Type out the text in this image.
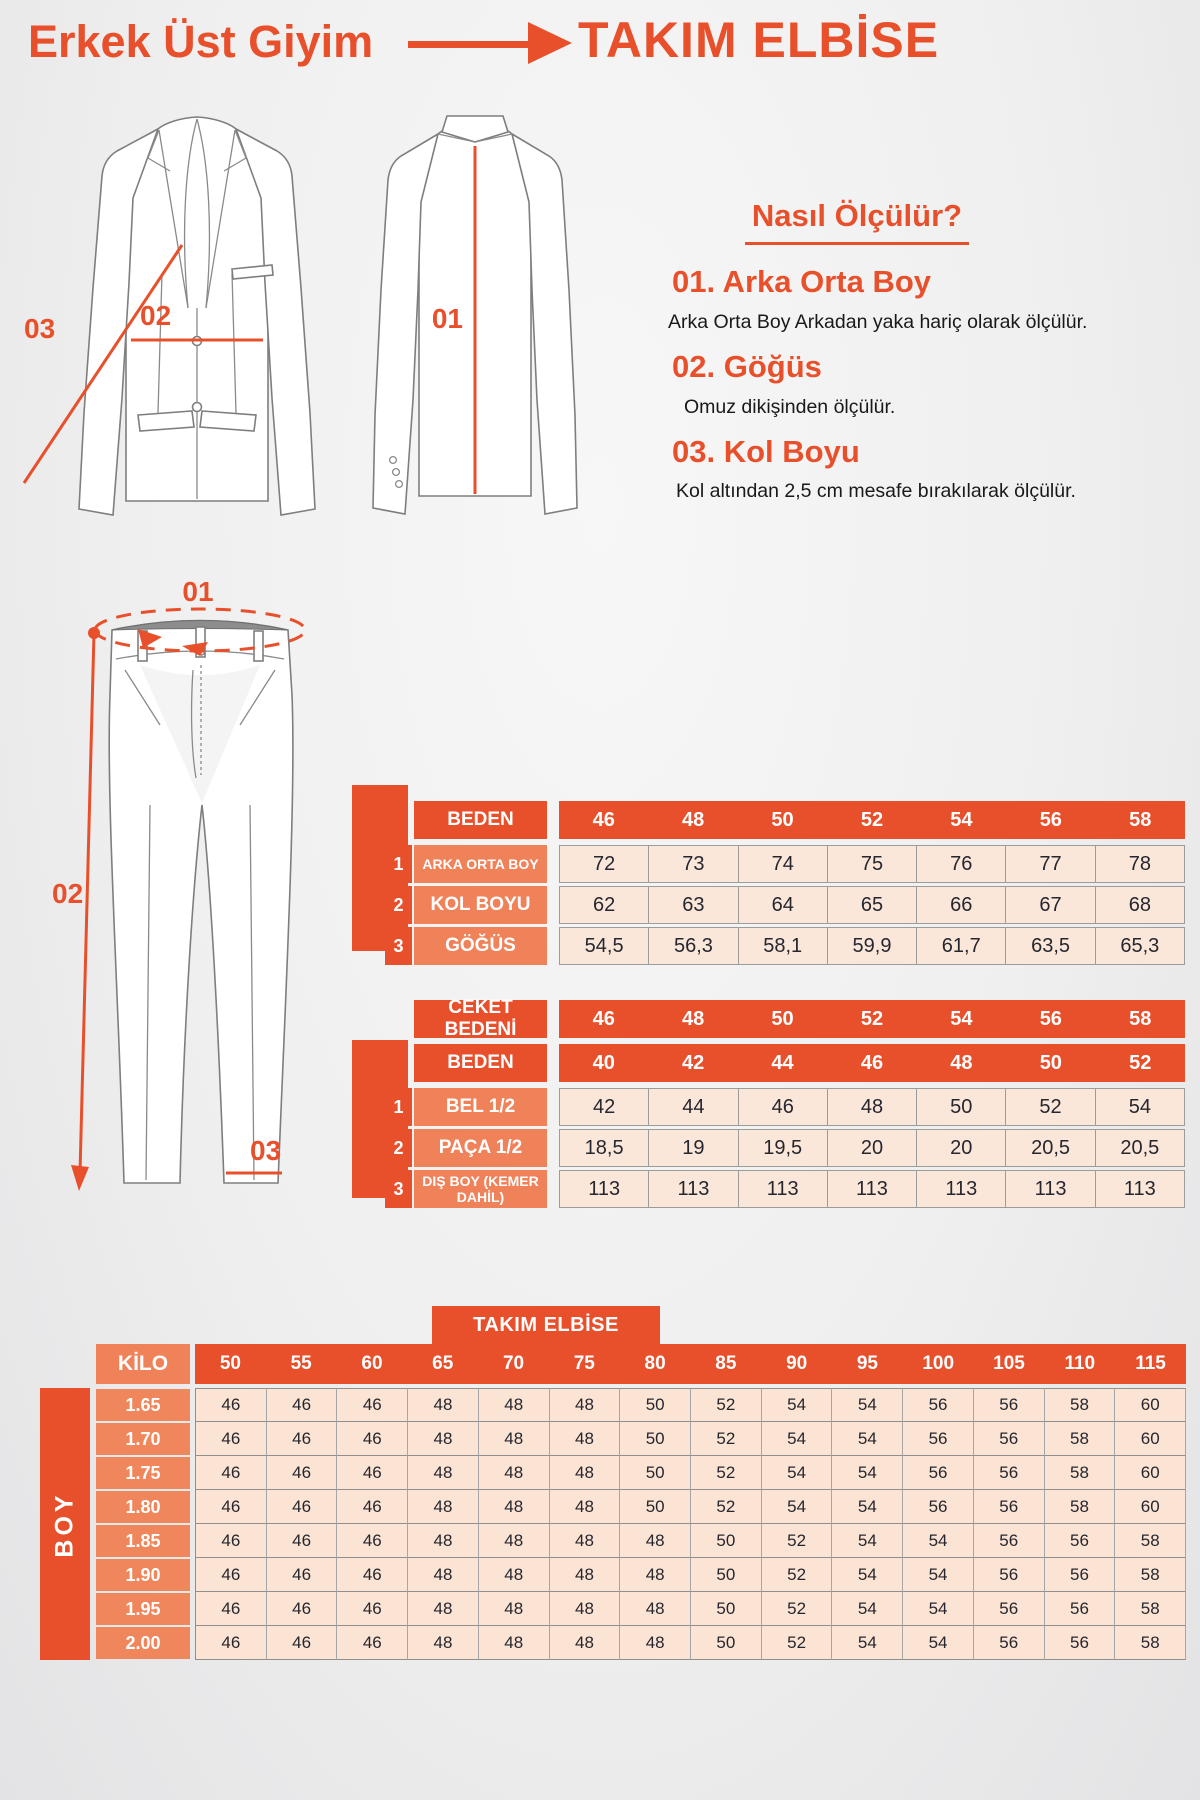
Erkek Üst Giyim	TAKIM ELBİSE
02
03	01
Nasıl Ölçülür?
01. Arka Orta Boy
Arka Orta Boy Arkadan yaka hariç olarak ölçülür.
02. Göğüs
Omuz dikişinden ölçülür.
03. Kol Boyu
Kol altından 2,5 cm mesafe bırakılarak ölçülür.
01
02
03
BEDEN	46	48	50	52	54	56	58
1	ARKA ORTA BOY	72	73	74	75	76	77	78
2	KOL BOYU	62	63	64	65	66	67	68
3	GÖĞÜS	54,5	56,3	58,1	59,9	61,7	63,5	65,3
CEKET BEDENİ	46	48	50	52	54	56	58
BEDEN	40	42	44	46	48	50	52
1	BEL 1/2	42	44	46	48	50	52	54
2	PAÇA 1/2	18,5	19	19,5	20	20	20,5	20,5
3	DIŞ BOY (KEMER DAHİL)	113	113	113	113	113	113	113
TAKIM ELBİSE
KİLO	50	55	60	65	70	75	80	85	90	95	100	105	110	115
BOY
1.65	46	46	46	48	48	48	50	52	54	54	56	56	58	60
1.70	46	46	46	48	48	48	50	52	54	54	56	56	58	60
1.75	46	46	46	48	48	48	50	52	54	54	56	56	58	60
1.80	46	46	46	48	48	48	50	52	54	54	56	56	58	60
1.85	46	46	46	48	48	48	48	50	52	54	54	56	56	58
1.90	46	46	46	48	48	48	48	50	52	54	54	56	56	58
1.95	46	46	46	48	48	48	48	50	52	54	54	56	56	58
2.00	46	46	46	48	48	48	48	50	52	54	54	56	56	58
